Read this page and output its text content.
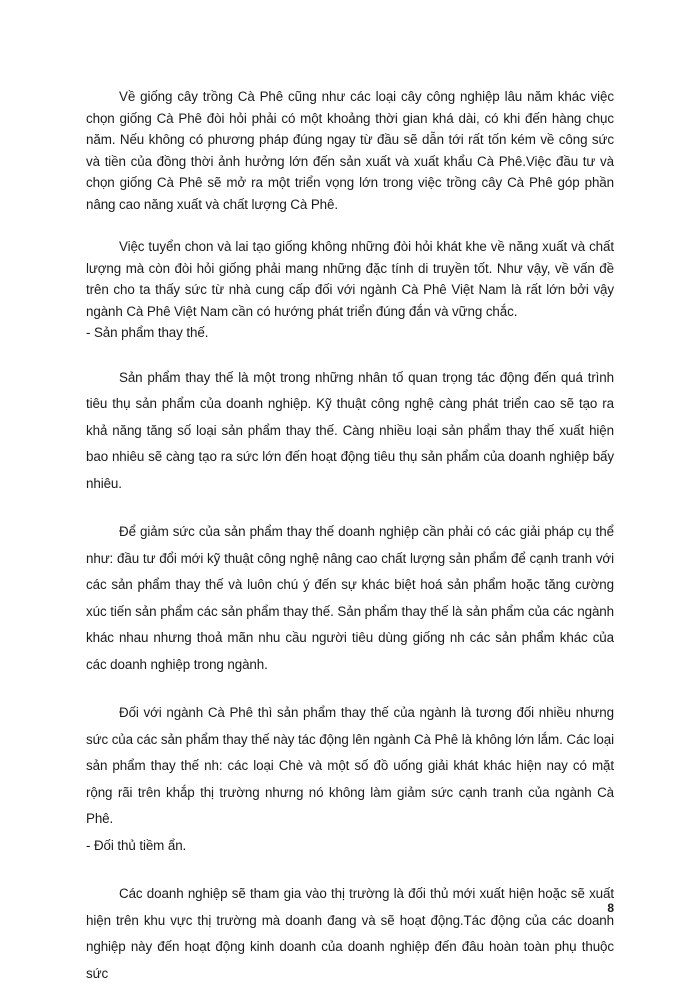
Về giống cây trồng Cà Phê cũng như các loại cây công nghiệp lâu năm khác việc chọn giống Cà Phê đòi hỏi phải có một khoảng thời gian khá dài, có khi đến hàng chục năm. Nếu không có phương pháp đúng ngay từ đầu sẽ dẫn tới rất tốn kém về công sức và tiền của đồng thời ảnh hưởng lớn đến sản xuất và xuất khẩu Cà Phê.Việc đầu tư và chọn giống Cà Phê sẽ mở ra một triển vọng lớn trong việc trồng cây Cà Phê góp phần nâng cao năng xuất và chất lượng Cà Phê.

Việc tuyển chon và lai tạo giống không những đòi hỏi khát khe về năng xuất và chất lượng mà còn đòi hỏi giống phải mang những đặc tính di truyền tốt. Như vậy, về vấn đề trên cho ta thấy sức từ nhà cung cấp đối với ngành Cà Phê Việt Nam là rất lớn bởi vậy ngành Cà Phê Việt Nam cần có hướng phát triển đúng đắn và vững chắc.
- Sản phẩm thay thế.

Sản phẩm thay thế là một trong những nhân tố quan trọng tác động đến quá trình tiêu thụ sản phẩm của doanh nghiệp. Kỹ thuật công nghệ càng phát triển cao sẽ tạo ra khả năng tăng số loại sản phẩm thay thế. Càng nhiều loại sản phẩm thay thế xuất hiện bao nhiêu sẽ càng tạo ra sức lớn đến hoạt động tiêu thụ sản phẩm của doanh nghiệp bấy nhiêu.

Để giảm sức của sản phẩm thay thế doanh nghiệp cần phải có các giải pháp cụ thể như: đầu tư đổi mới kỹ thuật công nghệ nâng cao chất lượng sản phẩm để cạnh tranh với các sản phẩm thay thế và luôn chú ý đến sự khác biệt hoá sản phẩm hoặc tăng cường xúc tiến sản phẩm các sản phẩm thay thế. Sản phẩm thay thế là sản phẩm của các ngành khác nhau nhưng thoả mãn nhu cầu người tiêu dùng giống nh các sản phẩm khác của các doanh nghiệp trong ngành.

Đối với ngành Cà Phê thì sản phẩm thay thế của ngành là tương đối nhiều nhưng sức của các sản phẩm thay thế này tác động lên ngành Cà Phê là không lớn lắm. Các loại sản phẩm thay thế nh: các loại Chè và một số đồ uống giải khát khác hiện nay có mặt rộng rãi trên khắp thị trường nhưng nó không làm giảm sức cạnh tranh của ngành Cà Phê.
- Đối thủ tiềm ẩn.

Các doanh nghiệp sẽ tham gia vào thị trường là đối thủ mới xuất hiện hoặc sẽ xuất hiện trên khu vực thị trường mà doanh đang và sẽ hoạt động.Tác động của các doanh nghiệp này đến hoạt động kinh doanh của doanh nghiệp đến đâu hoàn toàn phụ thuộc sức

8
